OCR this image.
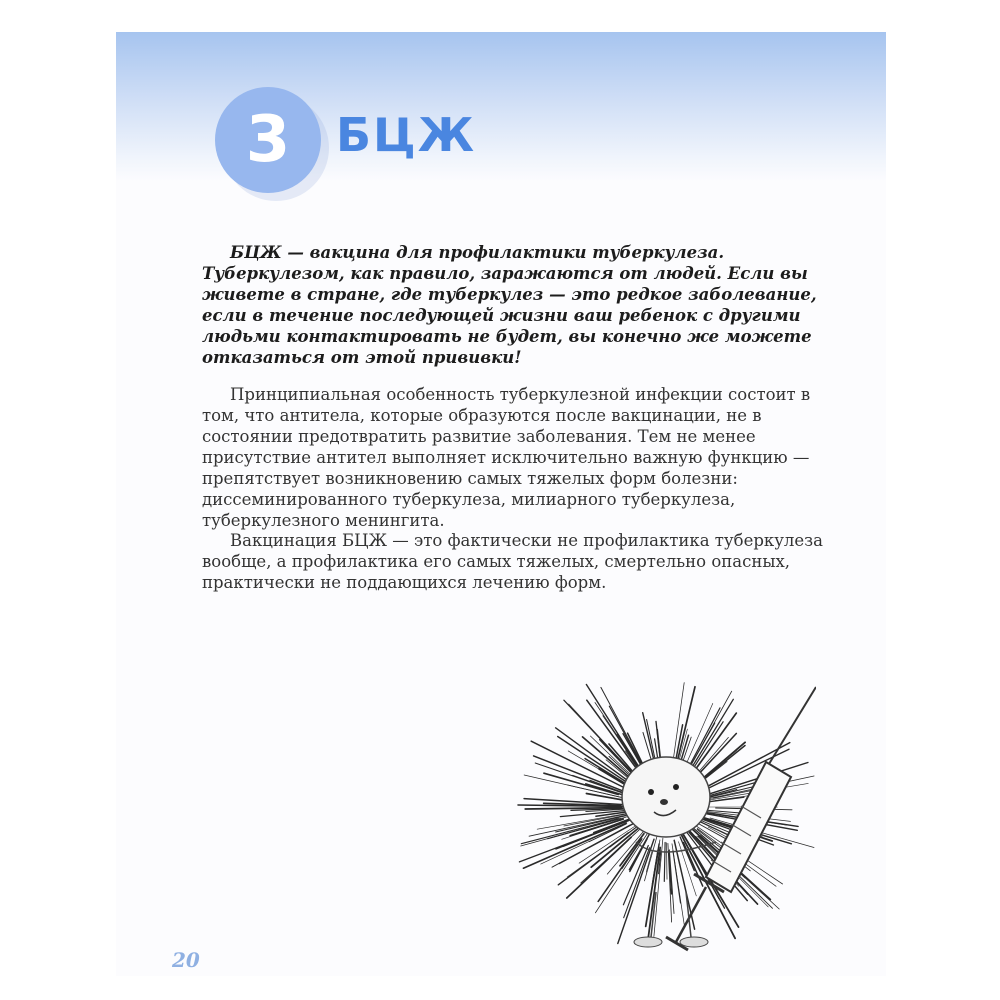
3 БЦЖ

БЦЖ — вакцина для профилактики туберкулеза. Туберкулезом, как правило, заражаются от людей. Если вы живете в стране, где туберкулез — это редкое заболевание, если в течение последующей жизни ваш ребенок с другими людьми контактировать не будет, вы конечно же можете отказаться от этой прививки!

Принципиальная особенность туберкулезной инфекции состоит в том, что антитела, которые образуются после вакцинации, не в состоянии предотвратить развитие заболевания. Тем не менее присутствие антител выполняет исключительно важную функцию — препятствует возникновению самых тяжелых форм болезни: диссеминированного туберкулеза, милиарного туберкулеза, туберкулезного менингита.

Вакцинация БЦЖ — это фактически не профилактика туберкулеза вообще, а профилактика его самых тяжелых, смертельно опасных, практически не поддающихся лечению форм.

20
